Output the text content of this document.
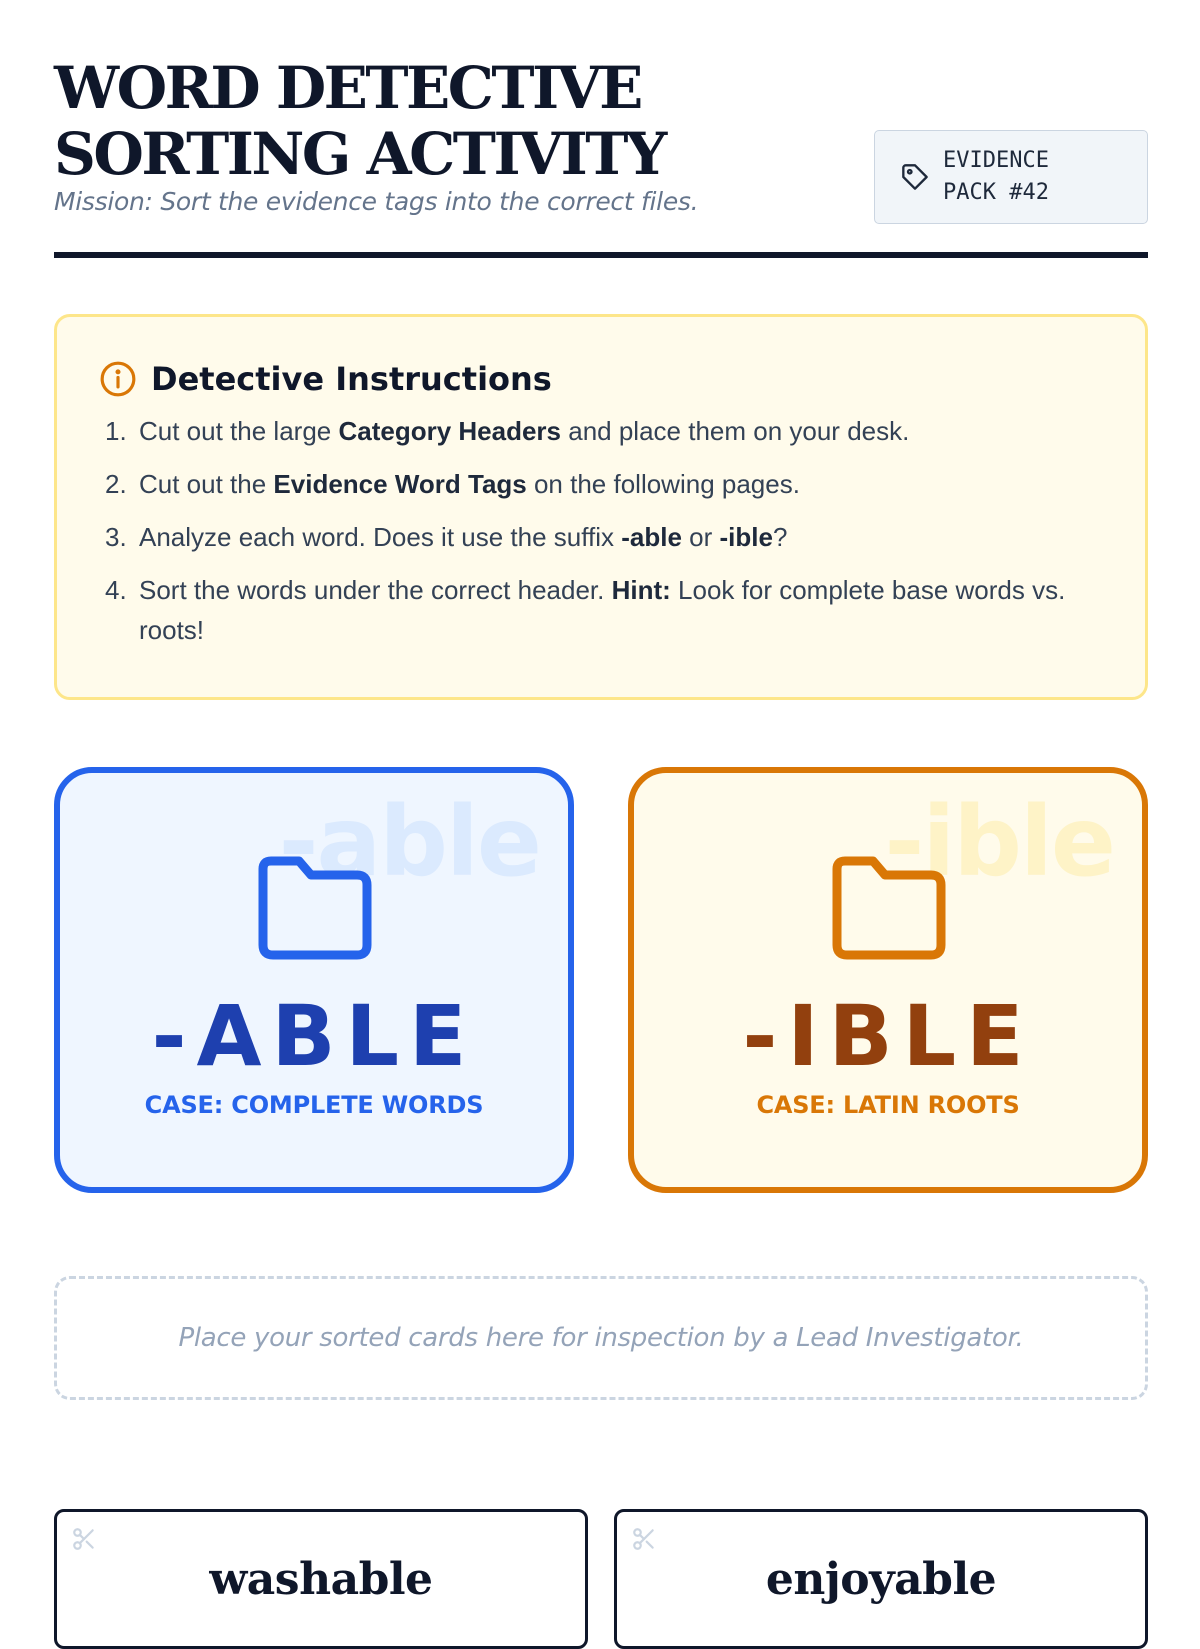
WORD DETECTIVE SORTING ACTIVITY
Mission: Sort the evidence tags into the correct files.
EVIDENCE PACK #42
Detective Instructions
1. Cut out the large Category Headers and place them on your desk.
2. Cut out the Evidence Word Tags on the following pages.
3. Analyze each word. Does it use the suffix -able or -ible?
4. Sort the words under the correct header. Hint: Look for complete base words vs. roots!
-able
-ABLE
CASE: COMPLETE WORDS
-ible
-IBLE
CASE: LATIN ROOTS
Place your sorted cards here for inspection by a Lead Investigator.
washable	enjoyable
